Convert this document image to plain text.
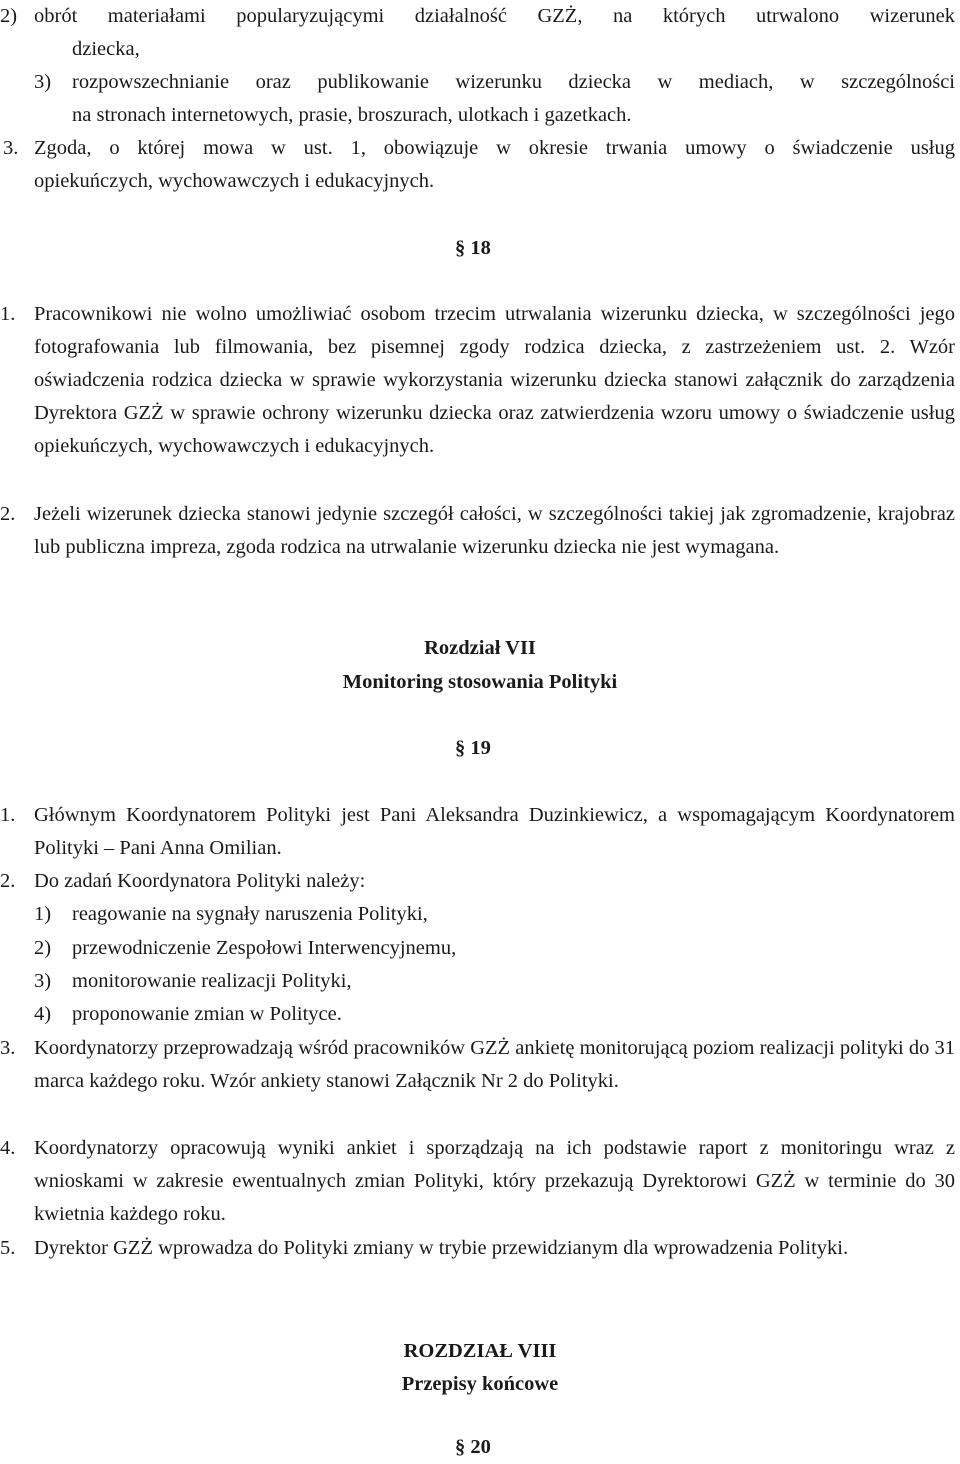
2) obrót materiałami popularyzującymi działalność GZŻ, na których utrwalono wizerunek
dziecka,
3) rozpowszechnianie oraz publikowanie wizerunku dziecka w mediach, w szczególności
na stronach internetowych, prasie, broszurach, ulotkach i gazetkach.
3. Zgoda, o której mowa w ust. 1, obowiązuje w okresie trwania umowy o świadczenie usług
opiekuńczych, wychowawczych i edukacyjnych.
§ 18
1. Pracownikowi nie wolno umożliwiać osobom trzecim utrwalania wizerunku dziecka, w szczególności jego fotografowania lub filmowania, bez pisemnej zgody rodzica dziecka, z zastrzeżeniem ust. 2. Wzór oświadczenia rodzica dziecka w sprawie wykorzystania wizerunku dziecka stanowi załącznik do zarządzenia Dyrektora GZŻ w sprawie ochrony wizerunku dziecka oraz zatwierdzenia wzoru umowy o świadczenie usług opiekuńczych, wychowawczych i edukacyjnych.
2. Jeżeli wizerunek dziecka stanowi jedynie szczegół całości, w szczególności takiej jak zgromadzenie, krajobraz lub publiczna impreza, zgoda rodzica na utrwalanie wizerunku dziecka nie jest wymagana.
Rozdział VII
Monitoring stosowania Polityki
§ 19
1. Głównym Koordynatorem Polityki jest Pani Aleksandra Duzinkiewicz, a wspomagającym Koordynatorem Polityki – Pani Anna Omilian.
2. Do zadań Koordynatora Polityki należy:
1) reagowanie na sygnały naruszenia Polityki,
2) przewodniczenie Zespołowi Interwencyjnemu,
3) monitorowanie realizacji Polityki,
4) proponowanie zmian w Polityce.
3. Koordynatorzy przeprowadzają wśród pracowników GZŻ ankietę monitorującą poziom realizacji polityki do 31 marca każdego roku. Wzór ankiety stanowi Załącznik Nr 2 do Polityki.
4. Koordynatorzy opracowują wyniki ankiet i sporządzają na ich podstawie raport z monitoringu wraz z wnioskami w zakresie ewentualnych zmian Polityki, który przekazują Dyrektorowi GZŻ w terminie do 30 kwietnia każdego roku.
5. Dyrektor GZŻ wprowadza do Polityki zmiany w trybie przewidzianym dla wprowadzenia Polityki.
ROZDZIAŁ VIII
Przepisy końcowe
§ 20
